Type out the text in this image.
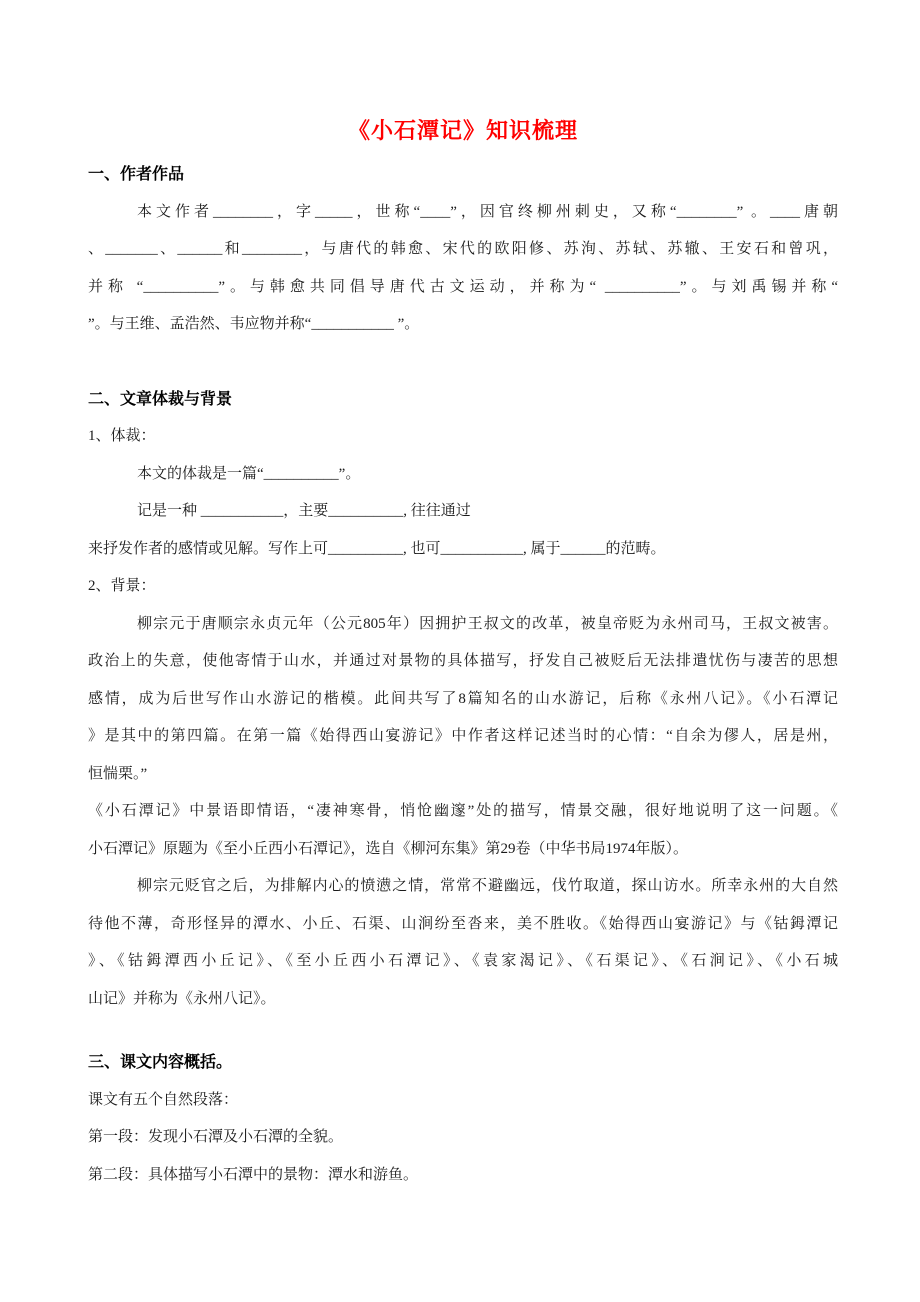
《小石潭记》知识梳理
一、作者作品
本文作者________，字_____，世称“____”，因官终柳州刺史，又称“________” 。____唐朝
、_______、______和________，与唐代的韩愈、宋代的欧阳修、苏洵、苏轼、苏辙、王安石和曾巩，
并称 “__________”。与韩愈共同倡导唐代古文运动，并称为“ __________”。与刘禹锡并称“
”。与王维、孟浩然、韦应物并称“___________ ”。
二、文章体裁与背景
1、体裁：
本文的体裁是一篇“__________”。
记是一种 ___________，主要__________, 往往通过
来抒发作者的感情或见解。写作上可__________, 也可___________, 属于______的范畴。
2、背景：
柳宗元于唐顺宗永贞元年（公元805年）因拥护王叔文的改革，被皇帝贬为永州司马，王叔文被害。
政治上的失意，使他寄情于山水，并通过对景物的具体描写，抒发自己被贬后无法排遣忧伤与凄苦的思想
感情，成为后世写作山水游记的楷模。此间共写了8篇知名的山水游记，后称《永州八记》。《小石潭记
》是其中的第四篇。在第一篇《始得西山宴游记》中作者这样记述当时的心情：“自余为僇人，居是州，
恒惴栗。”
《小石潭记》中景语即情语，“凄神寒骨，悄怆幽邃”处的描写，情景交融，很好地说明了这一问题。《
小石潭记》原题为《至小丘西小石潭记》，选自《柳河东集》第29卷（中华书局1974年版）。
柳宗元贬官之后，为排解内心的愤懑之情，常常不避幽远，伐竹取道，探山访水。所幸永州的大自然
待他不薄，奇形怪异的潭水、小丘、石渠、山涧纷至沓来，美不胜收。《始得西山宴游记》与《钴鉧潭记
》、《钴鉧潭西小丘记》、《至小丘西小石潭记》、《袁家渴记》、《石渠记》、《石涧记》、《小石城
山记》并称为《永州八记》。
三、课文内容概括。
课文有五个自然段落：
第一段：发现小石潭及小石潭的全貌。
第二段：具体描写小石潭中的景物：潭水和游鱼。
